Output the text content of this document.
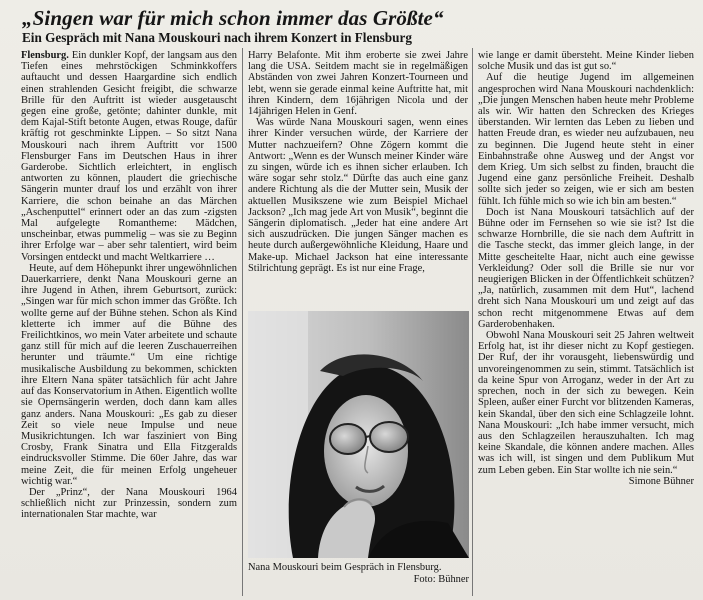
„Singen war für mich schon immer das Größte“
Ein Gespräch mit Nana Mouskouri nach ihrem Konzert in Flensburg

Flensburg. Ein dunkler Kopf, der langsam aus den Tiefen eines mehrstöckigen Schminkkoffers auftaucht und dessen Haargardine sich endlich einen strahlenden Gesicht freigibt, die schwarze Brille für den Auftritt ist wieder ausgetauscht gegen eine große, getönte; dahinter dunkle, mit dem Kajal-Stift betonte Augen, etwas Rouge, dafür kräftig rot geschminkte Lippen. – So sitzt Nana Mouskouri nach ihrem Auftritt vor 1500 Flensburger Fans im Deutschen Haus in ihrer Garderobe. Sichtlich erleichtert, in englisch antworten zu können, plaudert die griechische Sängerin munter drauf los und erzählt von ihrer Karriere, die schon beinahe an das Märchen „Aschenputtel“ erinnert oder an das zum -zigsten Mal aufgelegte Romantheme: Mädchen, unscheinbar, etwas pummelig – was sie zu Beginn ihrer Erfolge war – aber sehr talentiert, wird beim Vorsingen entdeckt und macht Weltkarriere …

Heute, auf dem Höhepunkt ihrer ungewöhnlichen Dauerkarriere, denkt Nana Mouskouri gerne an ihre Jugend in Athen, ihrem Geburtsort, zurück: „Singen war für mich schon immer das Größte. Ich wollte gerne auf der Bühne stehen. Schon als Kind kletterte ich immer auf die Bühne des Freilichtkinos, wo mein Vater arbeitete und schaute ganz still für mich auf die leeren Zuschauerreihen herunter und träumte.“ Um eine richtige musikalische Ausbildung zu bekommen, schickten ihre Eltern Nana später tatsächlich für acht Jahre auf das Konservatorium in Athen. Eigentlich wollte sie Opernsängerin werden, doch dann kam alles ganz anders. Nana Mouskouri: „Es gab zu dieser Zeit so viele neue Impulse und neue Musikrichtungen. Ich war fasziniert von Bing Crosby, Frank Sinatra und Ella Fitzgeralds eindrucksvoller Stimme. Die 60er Jahre, das war meine Zeit, die für meinen Erfolg ungeheuer wichtig war.“

Der „Prinz“, der Nana Mouskouri 1964 schließlich nicht zur Prinzessin, sondern zum internationalen Star machte, war

Harry Belafonte. Mit ihm eroberte sie zwei Jahre lang die USA. Seitdem macht sie in regelmäßigen Abständen von zwei Jahren Konzert-Tourneen und lebt, wenn sie gerade einmal keine Auftritte hat, mit ihren Kindern, dem 16jährigen Nicola und der 14jährigen Helen in Genf.

Was würde Nana Mouskouri sagen, wenn eines ihrer Kinder versuchen würde, der Karriere der Mutter nachzueifern? Ohne Zögern kommt die Antwort: „Wenn es der Wunsch meiner Kinder wäre zu singen, würde ich es ihnen sicher erlauben. Ich wäre sogar sehr stolz.“ Dürfte das auch eine ganz andere Richtung als die der Mutter sein, Musik der aktuellen Musikszene wie zum Beispiel Michael Jackson? „Ich mag jede Art von Musik“, beginnt die Sängerin diplomatisch. „Jeder hat eine andere Art sich auszudrücken. Die jungen Sänger machen es heute durch außergewöhnliche Kleidung, Haare und Make-up. Michael Jackson hat eine interessante Stilrichtung geprägt. Es ist nur eine Frage,

Nana Mouskouri beim Gespräch in Flensburg.
Foto: Bühner

wie lange er damit übersteht. Meine Kinder lieben solche Musik und das ist gut so.“

Auf die heutige Jugend im allgemeinen angesprochen wird Nana Mouskouri nachdenklich: „Die jungen Menschen haben heute mehr Probleme als wir. Wir hatten den Schrecken des Krieges überstanden. Wir lernten das Leben zu lieben und hatten Freude dran, es wieder neu aufzubauen, neu zu beginnen. Die Jugend heute steht in einer Einbahnstraße ohne Ausweg und der Angst vor dem Krieg. Um sich selbst zu finden, braucht die Jugend eine ganz persönliche Freiheit. Deshalb sollte sich jeder so zeigen, wie er sich am besten fühlt. Ich fühle mich so wie ich bin am besten.“

Doch ist Nana Mouskouri tatsächlich auf der Bühne oder im Fernsehen so wie sie ist? Ist die schwarze Hornbrille, die sie nach dem Auftritt in die Tasche steckt, das immer gleich lange, in der Mitte gescheitelte Haar, nicht auch eine gewisse Verkleidung? Oder soll die Brille sie nur vor neugierigen Blicken in der Öffentlichkeit schützen? „Ja, natürlich, zusammen mit dem Hut“, lachend dreht sich Nana Mouskouri um und zeigt auf das schon recht mitgenommene Etwas auf dem Garderobenhaken.

Obwohl Nana Mouskouri seit 25 Jahren weltweit Erfolg hat, ist ihr dieser nicht zu Kopf gestiegen. Der Ruf, der ihr vorausgeht, liebenswürdig und unvoreingenommen zu sein, stimmt. Tatsächlich ist da keine Spur von Arroganz, weder in der Art zu sprechen, noch in der sich zu bewegen. Kein Spleen, außer einer Furcht vor blitzenden Kameras, kein Skandal, über den sich eine Schlagzeile lohnt. Nana Mouskouri: „Ich habe immer versucht, mich aus den Schlagzeilen herauszuhalten. Ich mag keine Skandale, die können andere machen. Alles was ich will, ist singen und dem Publikum Mut zum Leben geben. Ein Star wollte ich nie sein.“
Simone Bühner
